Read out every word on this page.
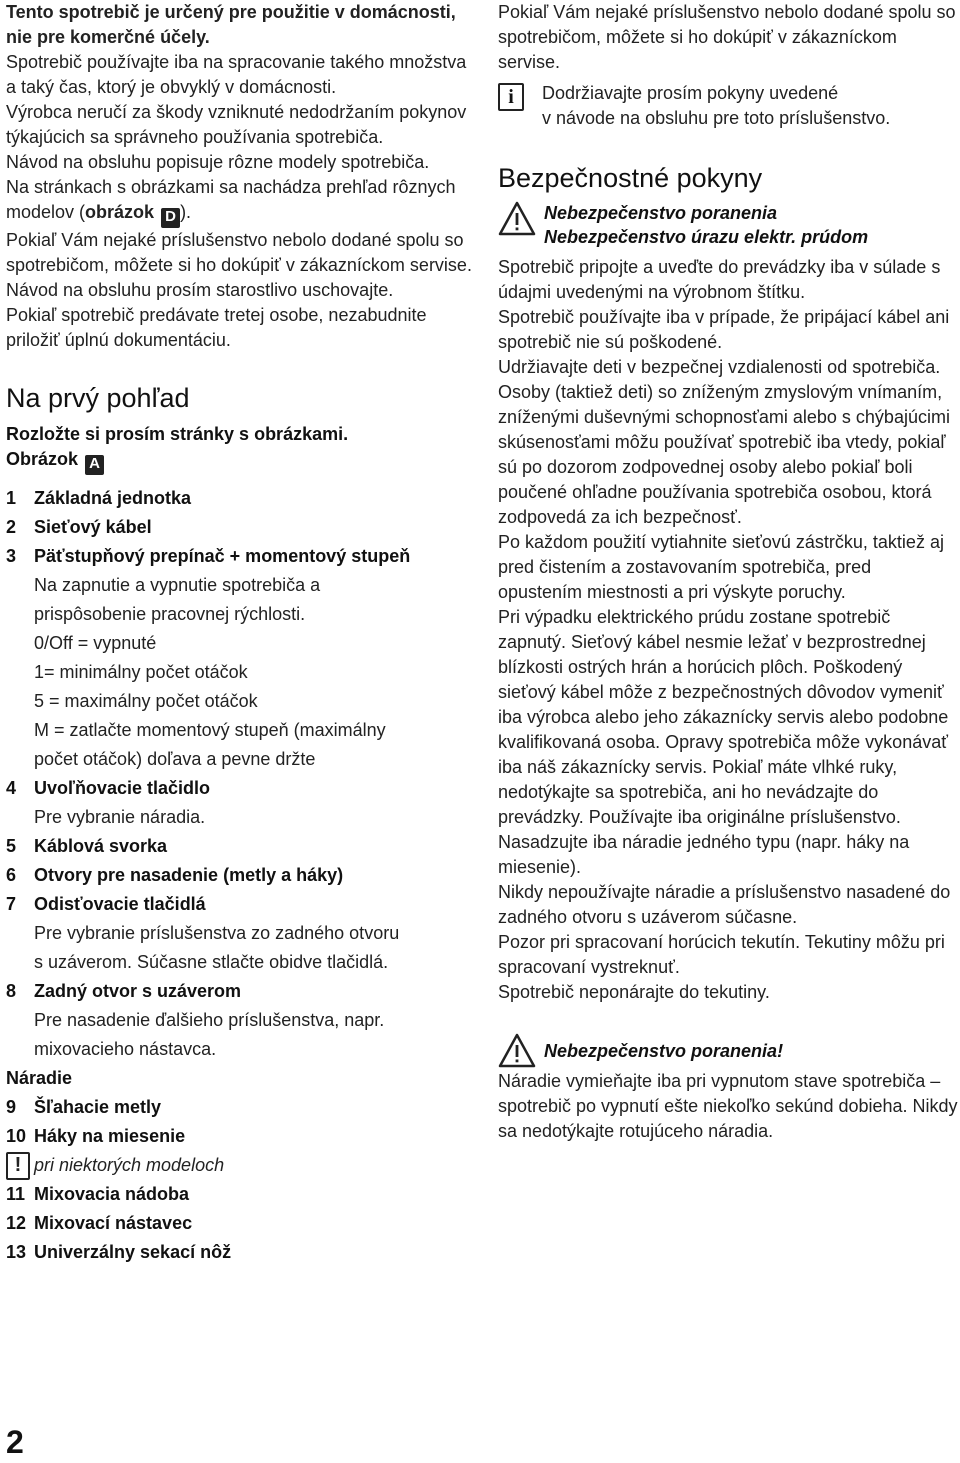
Tento spotrebič je určený pre použitie v domácnosti, nie pre komerčné účely.

Spotrebič používajte iba na spracovanie takého množstva a taký čas, ktorý je obvyklý v domácnosti.

Výrobca neručí za škody vzniknuté nedodržaním pokynov týkajúcich sa správneho používania spotrebiča.

Návod na obsluhu popisuje rôzne modely spotrebiča.

Na stránkach s obrázkami sa nachádza prehľad rôznych modelov (obrázok D ).

Pokiaľ Vám nejaké príslušenstvo nebolo dodané spolu so spotrebičom, môžete si ho dokúpiť v zákazníckom servise.

Návod na obsluhu prosím starostlivo uschovajte.

Pokiaľ spotrebič predávate tretej osobe, nezabudnite priložiť úplnú dokumentáciu.

Na prvý pohľad

Rozložte si prosím stránky s obrázkami.

Obrázok A

1 Základná jednotka
2 Sieťový kábel
3 Päťstupňový prepínač + momentový stupeň
Na zapnutie a vypnutie spotrebiča a
prispôsobenie pracovnej rýchlosti.
0/Off = vypnuté
1= minimálny počet otáčok
5 = maximálny počet otáčok
M = zatlačte momentový stupeň (maximálny
počet otáčok) doľava a pevne držte
4 Uvoľňovacie tlačidlo
Pre vybranie náradia.
5 Káblová svorka
6 Otvory pre nasadenie (metly a háky)
7 Odisťovacie tlačidlá
Pre vybranie príslušenstva zo zadného otvoru
s uzáverom. Súčasne stlačte obidve tlačidlá.
8 Zadný otvor s uzáverom
Pre nasadenie ďalšieho príslušenstva, napr.
mixovacieho nástavca.
Náradie
9 Šľahacie metly
10 Háky na miesenie
! pri niektorých modeloch
11 Mixovacia nádoba
12 Mixovací nástavec
13 Univerzálny sekací nôž
2

Pokiaľ Vám nejaké príslušenstvo nebolo dodané spolu so spotrebičom, môžete si ho dokúpiť v zákazníckom servise.

i	Dodržiavajte prosím pokyny uvedené
v návode na obsluhu pre toto príslušenstvo.
Bezpečnostné pokyny
Nebezpečenstvo poranenia
Nebezpečenstvo úrazu elektr. prúdom

Spotrebič pripojte a uveďte do prevádzky iba v súlade s údajmi uvedenými na výrobnom štítku.

Spotrebič používajte iba v prípade, že pripájací kábel ani spotrebič nie sú poškodené.

Udržiavajte deti v bezpečnej vzdialenosti od spotrebiča. Osoby (taktiež deti) so zníženým zmyslovým vnímaním, zníženými duševnými schopnosťami alebo s chýbajúcimi skúsenosťami môžu používať spotrebič iba vtedy, pokiaľ sú po dozorom zodpovednej osoby alebo pokiaľ boli poučené ohľadne používania spotrebiča osobou, ktorá zodpovedá za ich bezpečnosť.

Po každom použití vytiahnite sieťovú zástrčku, taktiež aj pred čistením a zostavovaním spotrebiča, pred opustením miestnosti a pri výskyte poruchy.

Pri výpadku elektrického prúdu zostane spotrebič zapnutý. Sieťový kábel nesmie ležať v bezprostrednej blízkosti ostrých hrán a horúcich plôch. Poškodený sieťový kábel môže z bezpečnostných dôvodov vymeniť iba výrobca alebo jeho zákaznícky servis alebo podobne kvalifikovaná osoba. Opravy spotrebiča môže vykonávať iba náš zákaznícky servis. Pokiaľ máte vlhké ruky, nedotýkajte sa spotrebiča, ani ho nevádzajte do prevádzky. Používajte iba originálne príslušenstvo. Nasadzujte iba náradie jedného typu (napr. háky na miesenie).

Nikdy nepoužívajte náradie a príslušenstvo nasadené do zadného otvoru s uzáverom súčasne.

Pozor pri spracovaní horúcich tekutín. Tekutiny môžu pri spracovaní vystreknuť.

Spotrebič neponárajte do tekutiny.

Nebezpečenstvo poranenia!

Náradie vymieňajte iba pri vypnutom stave spotrebiča – spotrebič po vypnutí ešte niekoľko sekúnd dobieha. Nikdy sa nedotýkajte rotujúceho náradia.
